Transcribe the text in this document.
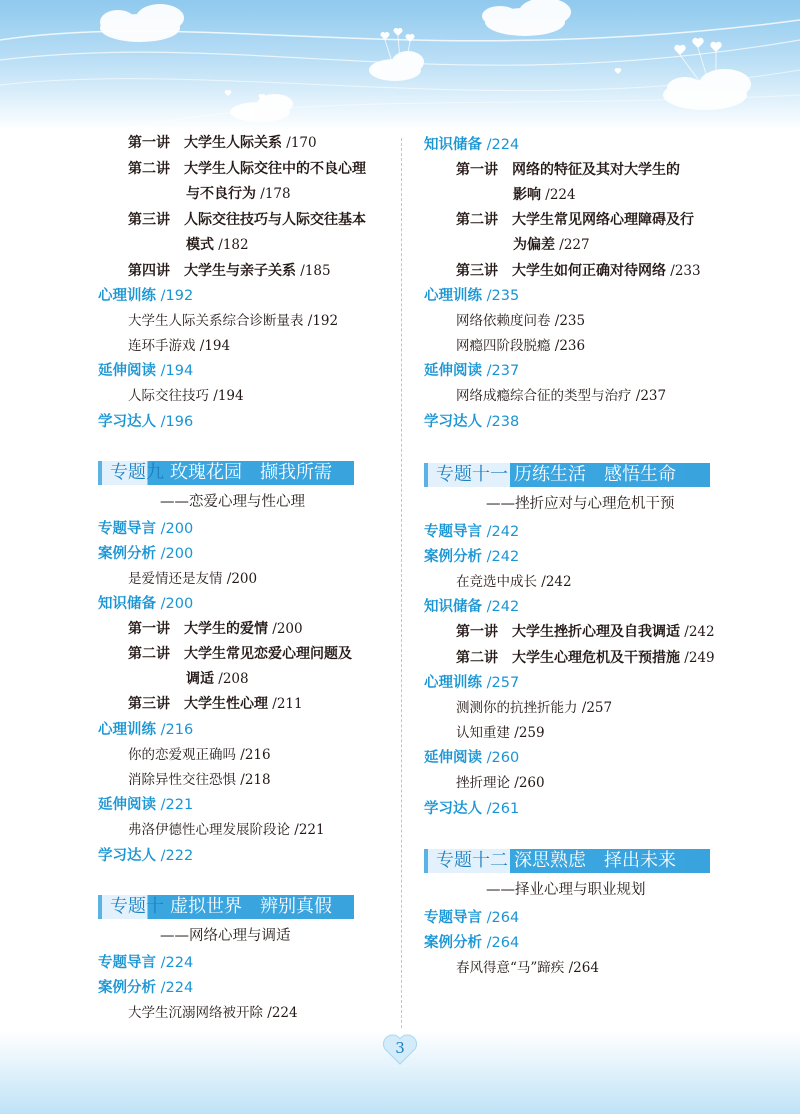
第一讲　 大学生人际关系 /170
第二讲　 大学生人际交往中的不良心理
与不良行为 /178
第三讲　 人际交往技巧与人际交往基本
模式 /182
第四讲　 大学生与亲子关系 /185
心理训练 /192
大学生人际关系综合诊断量表 /192
连环手游戏 /194
延伸阅读 /194
人际交往技巧 /194
学习达人 /196
专题九 玫瑰花园　撷我所需
——恋爱心理与性心理
专题导言 /200
案例分析 /200
是爱情还是友情 /200
知识储备 /200
第一讲　 大学生的爱情 /200
第二讲　 大学生常见恋爱心理问题及
调适 /208
第三讲　 大学生性心理 /211
心理训练 /216
你的恋爱观正确吗 /216
消除异性交往恐惧 /218
延伸阅读 /221
弗洛伊德性心理发展阶段论 /221
学习达人 /222
专题十 虚拟世界　辨别真假
——网络心理与调适
专题导言 /224
案例分析 /224
大学生沉溺网络被开除 /224
知识储备 /224
第一讲　 网络的特征及其对大学生的
影响 /224
第二讲　 大学生常见网络心理障碍及行
为偏差 /227
第三讲　 大学生如何正确对待网络 /233
心理训练 /235
网络依赖度问卷 /235
网瘾四阶段脱瘾 /236
延伸阅读 /237
网络成瘾综合征的类型与治疗 /237
学习达人 /238
专题十一 历练生活　感悟生命
——挫折应对与心理危机干预
专题导言 /242
案例分析 /242
在竞选中成长 /242
知识储备 /242
第一讲　 大学生挫折心理及自我调适 /242
第二讲　 大学生心理危机及干预措施 /249
心理训练 /257
测测你的抗挫折能力 /257
认知重建 /259
延伸阅读 /260
挫折理论 /260
学习达人 /261
专题十二 深思熟虑　择出未来
——择业心理与职业规划
专题导言 /264
案例分析 /264
春风得意“马”蹄疾 /264
3
